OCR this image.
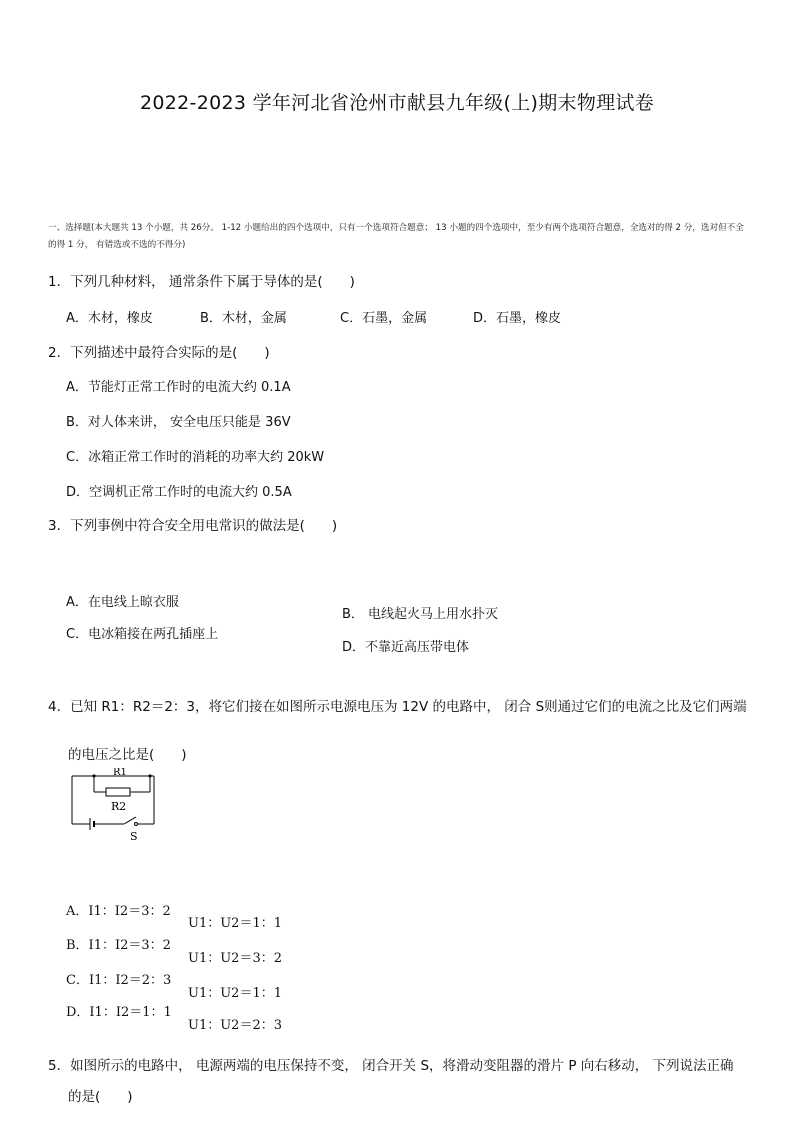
2022-2023 学年河北省沧州市献县九年级(上)期末物理试卷
一、选择题(本大题共 13 个小题，共 26分。 1-12 小题给出的四个选项中，只有一个选项符合题意； 13 小题的四个选项中，至少有两个选项符合题意，全选对的得 2 分，选对但不全的得 1 分， 有错选或不选的不得分)
1．下列几种材料， 通常条件下属于导体的是(　　)
A．木材，橡皮	B．木材，金属	C．石墨，金属	D．石墨，橡皮
2．下列描述中最符合实际的是(　　)
A．节能灯正常工作时的电流大约 0.1A
B．对人体来讲， 安全电压只能是 36V
C．冰箱正常工作时的消耗的功率大约 20kW
D．空调机正常工作时的电流大约 0.5A
3．下列事例中符合安全用电常识的做法是(　　)
A．在电线上晾衣服
B． 电线起火马上用水扑灭
C．电冰箱接在两孔插座上
D．不靠近高压带电体
4．已知 R1：R2＝2：3，将它们接在如图所示电源电压为 12V 的电路中， 闭合 S则通过它们的电流之比及它们两端
的电压之比是(　　)
R1
R2
S
A．I1：I2＝3：2
U1：U2＝1：1
B．I1：I2＝3：2
U1：U2＝3：2
C．I1：I2＝2：3
U1：U2＝1：1
D．I1：I2＝1：1
U1：U2＝2：3
5．如图所示的电路中， 电源两端的电压保持不变， 闭合开关 S，将滑动变阻器的滑片 P 向右移动， 下列说法正确
的是(　　)
